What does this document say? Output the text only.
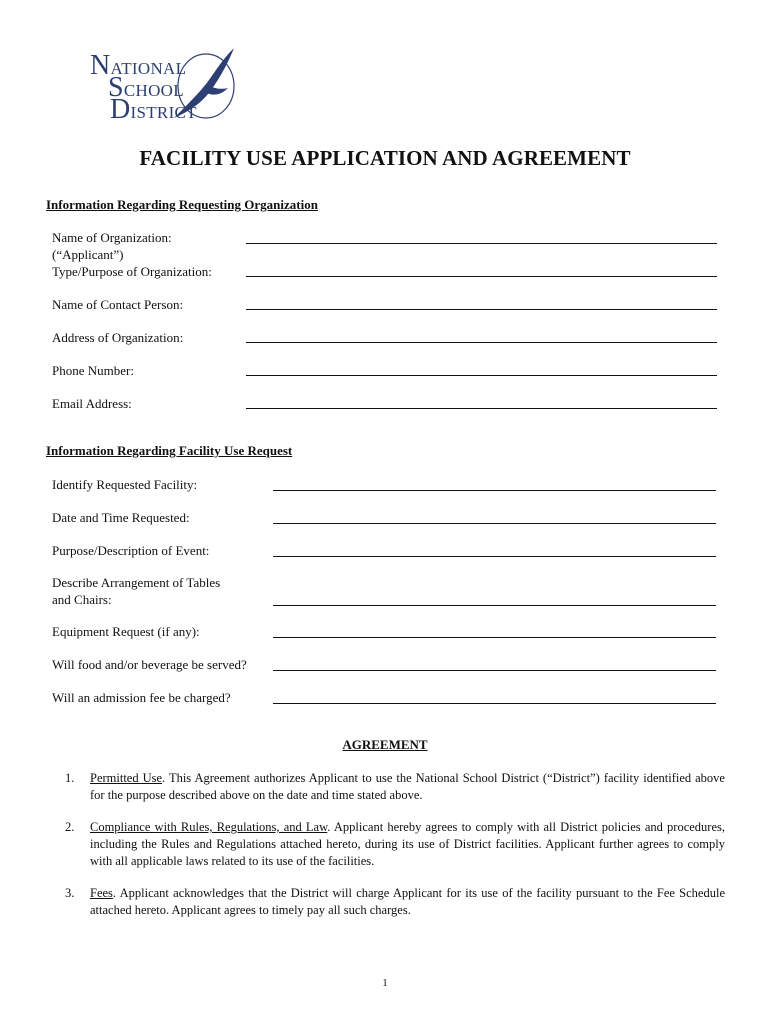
NATIONAL
SCHOOL
DISTRICT
FACILITY USE APPLICATION AND AGREEMENT
Information Regarding Requesting Organization
Name of Organization:
(“Applicant”)
Type/Purpose of Organization:
Name of Contact Person:
Address of Organization:
Phone Number:
Email Address:
Information Regarding Facility Use Request
Identify Requested Facility:
Date and Time Requested:
Purpose/Description of Event:
Describe Arrangement of Tables
and Chairs:
Equipment Request (if any):
Will food and/or beverage be served?
Will an admission fee be charged?
AGREEMENT
1. Permitted Use. This Agreement authorizes Applicant to use the National School District (“District”) facility identified above for the purpose described above on the date and time stated above.
2. Compliance with Rules, Regulations, and Law. Applicant hereby agrees to comply with all District policies and procedures, including the Rules and Regulations attached hereto, during its use of District facilities. Applicant further agrees to comply with all applicable laws related to its use of the facilities.
3. Fees. Applicant acknowledges that the District will charge Applicant for its use of the facility pursuant to the Fee Schedule attached hereto. Applicant agrees to timely pay all such charges.
1
